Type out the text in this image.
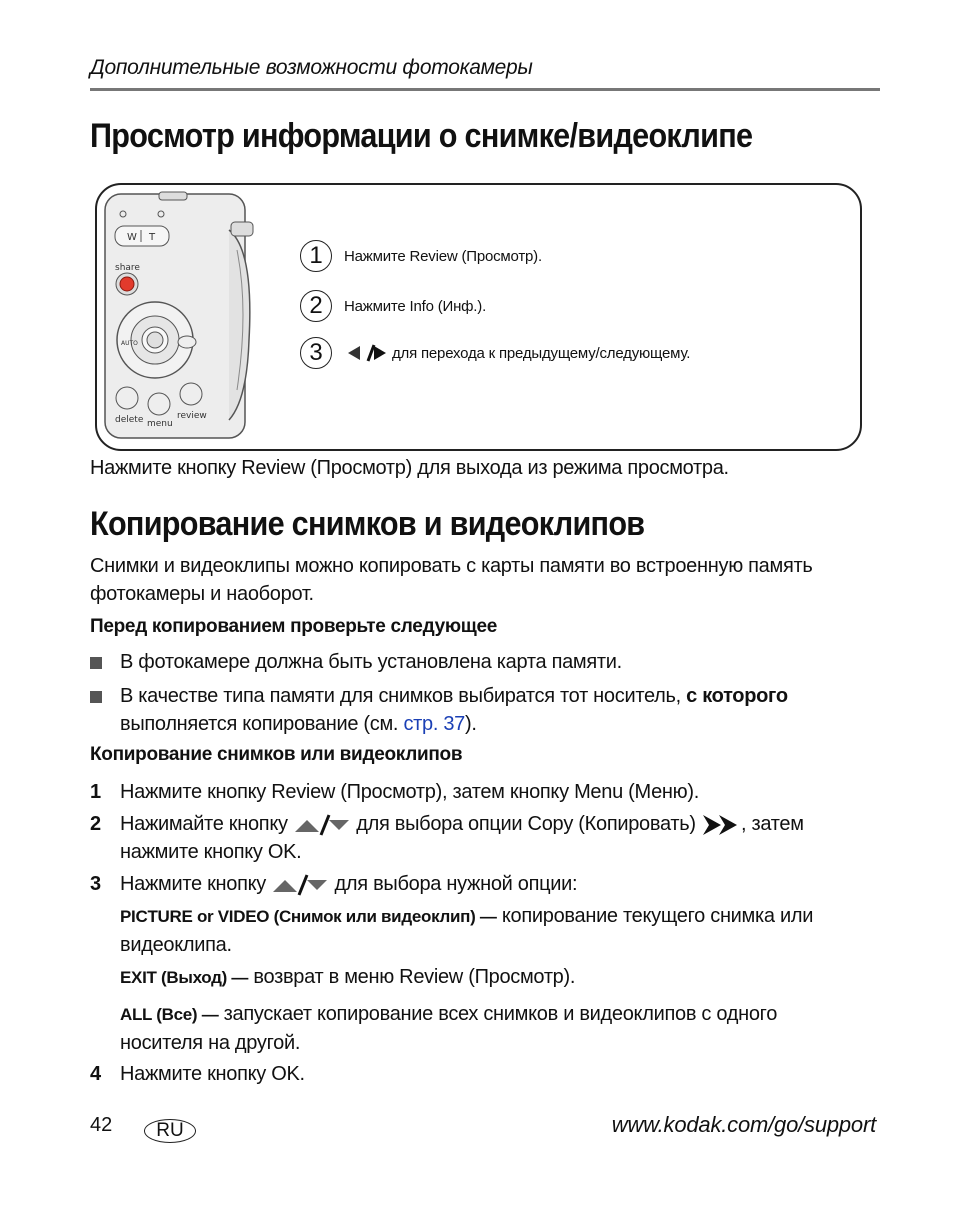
Дополнительные возможности фотокамеры
Просмотр информации о снимке/видеоклипе
W T
share
AUTO
delete menu
review
1	Нажмите Review (Просмотр).
2	Нажмите Info (Инф.).
3	для перехода к предыдущему/следующему.
Нажмите кнопку Review (Просмотр) для выхода из режима просмотра.
Копирование снимков и видеоклипов
Снимки и видеоклипы можно копировать с карты памяти во встроенную память
фотокамеры и наоборот.
Перед копированием проверьте следующее
В фотокамере должна быть установлена карта памяти.
В качестве типа памяти для снимков выбиратся тот носитель, с которого
выполняется копирование (см. стр. 37).
Копирование снимков или видеоклипов
1 Нажмите кнопку Review (Просмотр), затем кнопку Menu (Меню).
2 Нажимайте кнопку	для выбора опции Copy (Копировать) , затем
нажмите кнопку OK.
3 Нажмите кнопку	для выбора нужной опции:
PICTURE or VIDEO (Снимок или видеоклип) — копирование текущего снимка или
видеоклипа.
EXIT (Выход) — возврат в меню Review (Просмотр).
ALL (Все) — запускает копирование всех снимков и видеоклипов с одного
носителя на другой.
4 Нажмите кнопку OK.
42	RU	www.kodak.com/go/support
